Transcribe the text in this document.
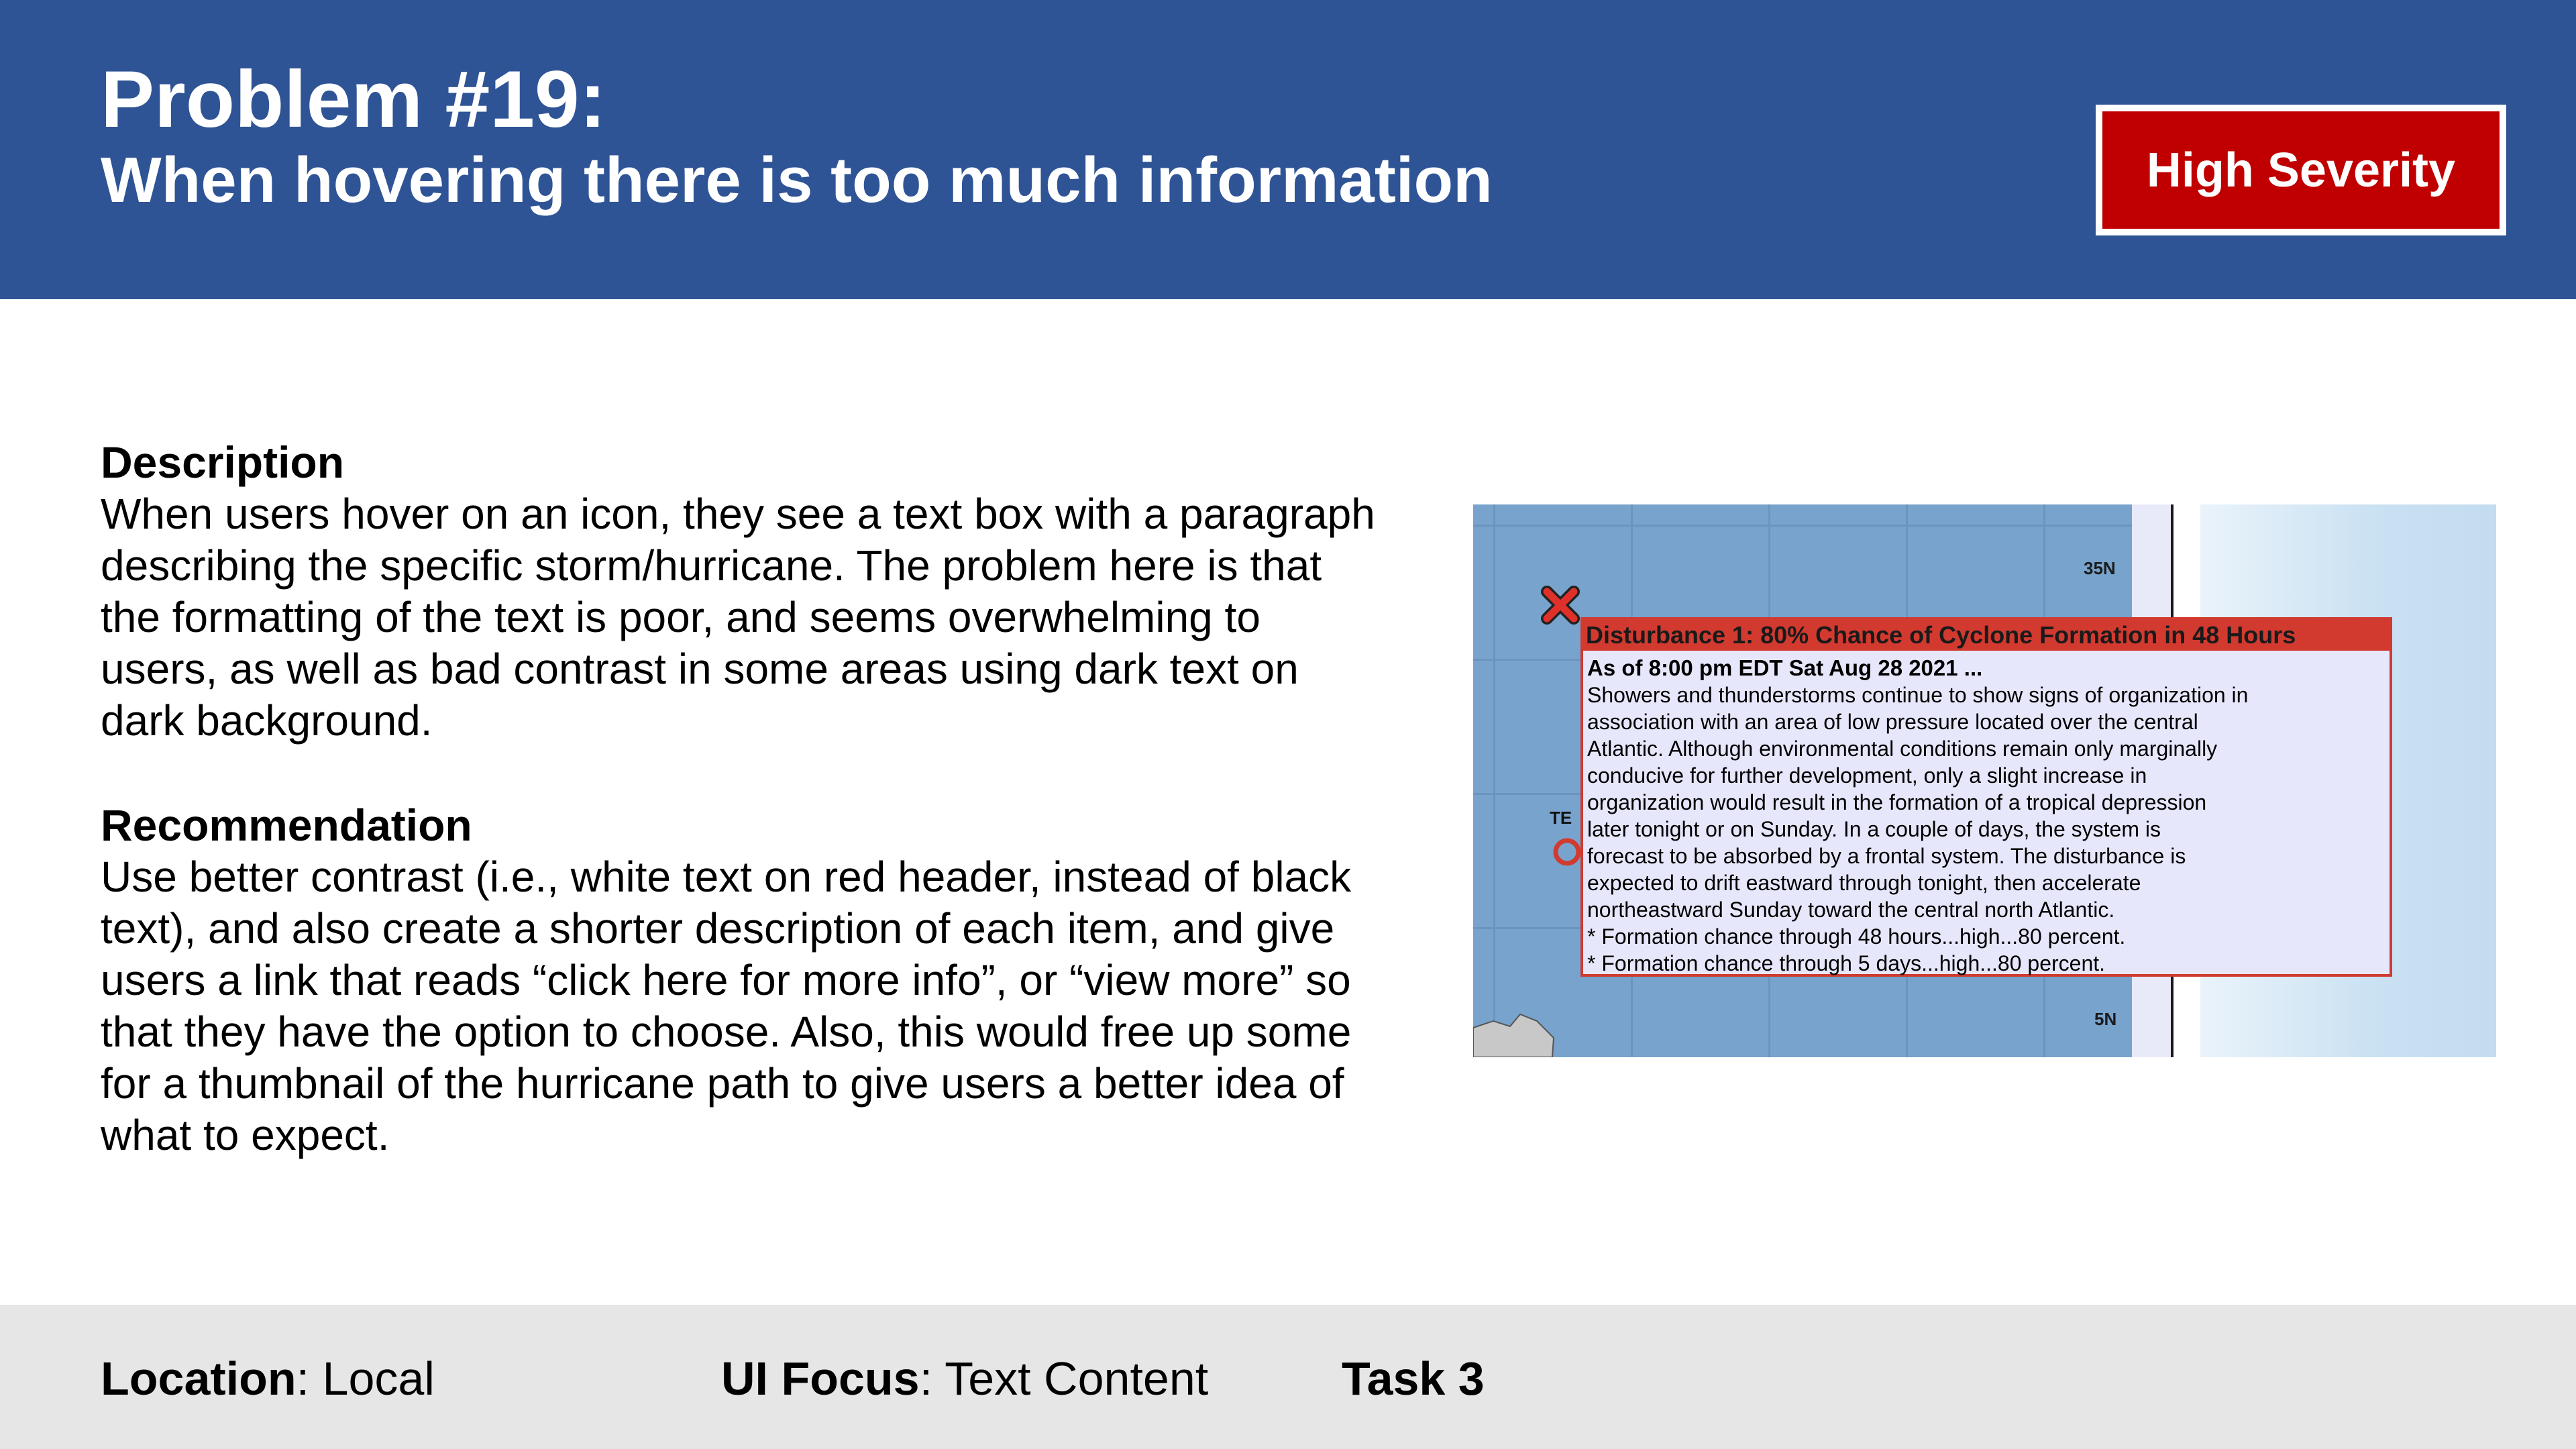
Problem #19:
When hovering there is too much information	High Severity

Description

When users hover on an icon, they see a text box with a paragraph describing the specific storm/hurricane. The problem here is that the formatting of the text is poor, and seems overwhelming to users, as well as bad contrast in some areas using dark text on dark background.

Recommendation

Use better contrast (i.e., white text on red header, instead of black text), and also create a shorter description of each item, and give users a link that reads “click here for more info”, or “view more” so that they have the option to choose. Also, this would free up some for a thumbnail of the hurricane path to give users a better idea of what to expect.

35N
5N
TE
Disturbance 1: 80% Chance of Cyclone Formation in 48 Hours
As of 8:00 pm EDT Sat Aug 28 2021 ...
Showers and thunderstorms continue to show signs of organization in
association with an area of low pressure located over the central
Atlantic. Although environmental conditions remain only marginally
conducive for further development, only a slight increase in
organization would result in the formation of a tropical depression
later tonight or on Sunday. In a couple of days, the system is
forecast to be absorbed by a frontal system. The disturbance is
expected to drift eastward through tonight, then accelerate
northeastward Sunday toward the central north Atlantic.
* Formation chance through 48 hours...high...80 percent.
* Formation chance through 5 days...high...80 percent.
Location: Local	UI Focus: Text Content	Task 3
